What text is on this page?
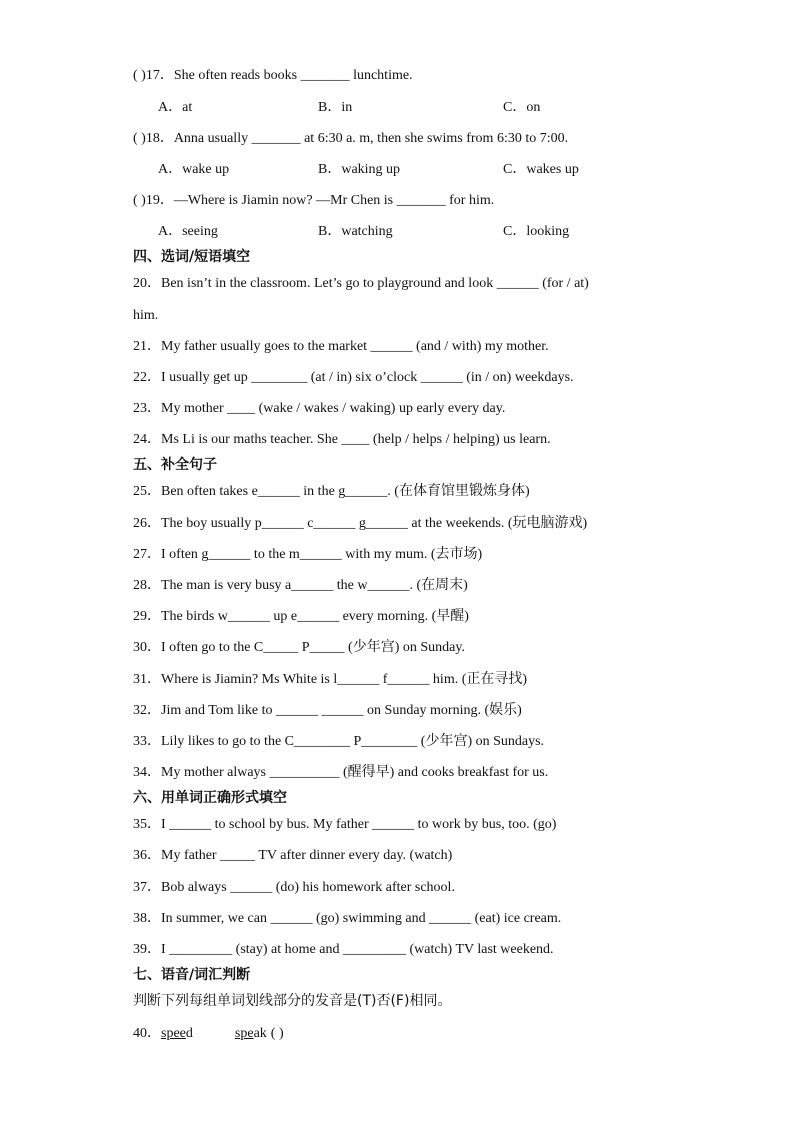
( )17．She often reads books _______ lunchtime.
A．at	B．in	C．on
( )18．Anna usually _______ at 6:30 a. m, then she swims from 6:30 to 7:00.
A．wake up	B．waking up	C．wakes up
( )19．—Where is Jiamin now? —Mr Chen is _______ for him.
A．seeing	B．watching	C．looking
四、选词/短语填空
20．Ben isn’t in the classroom. Let’s go to playground and look ______ (for / at)
him.
21．My father usually goes to the market ______ (and / with) my mother.
22．I usually get up ________ (at / in) six o’clock ______ (in / on) weekdays.
23．My mother ____ (wake / wakes / waking) up early every day.
24．Ms Li is our maths teacher. She ____ (help / helps / helping) us learn.
五、补全句子
25．Ben often takes e______ in the g______. (在体育馆里锻炼身体)
26．The boy usually p______ c______ g______ at the weekends. (玩电脑游戏)
27．I often g______ to the m______ with my mum. (去市场)
28．The man is very busy a______ the w______. (在周末)
29．The birds w______ up e______ every morning. (早醒)
30．I often go to the C_____ P_____ (少年宫) on Sunday.
31．Where is Jiamin? Ms White is l______ f______ him. (正在寻找)
32．Jim and Tom like to ______ ______ on Sunday morning. (娱乐)
33．Lily likes to go to the C________ P________ (少年宫) on Sundays.
34．My mother always __________ (醒得早) and cooks breakfast for us.
六、用单词正确形式填空
35．I ______ to school by bus. My father ______ to work by bus, too. (go)
36．My father _____ TV after dinner every day. (watch)
37．Bob always ______ (do) his homework after school.
38．In summer, we can ______ (go) swimming and ______ (eat) ice cream.
39．I _________ (stay) at home and _________ (watch) TV last weekend.
七、语音/词汇判断
判断下列每组单词划线部分的发音是(T)否(F)相同。
40．speed	speak ( )
